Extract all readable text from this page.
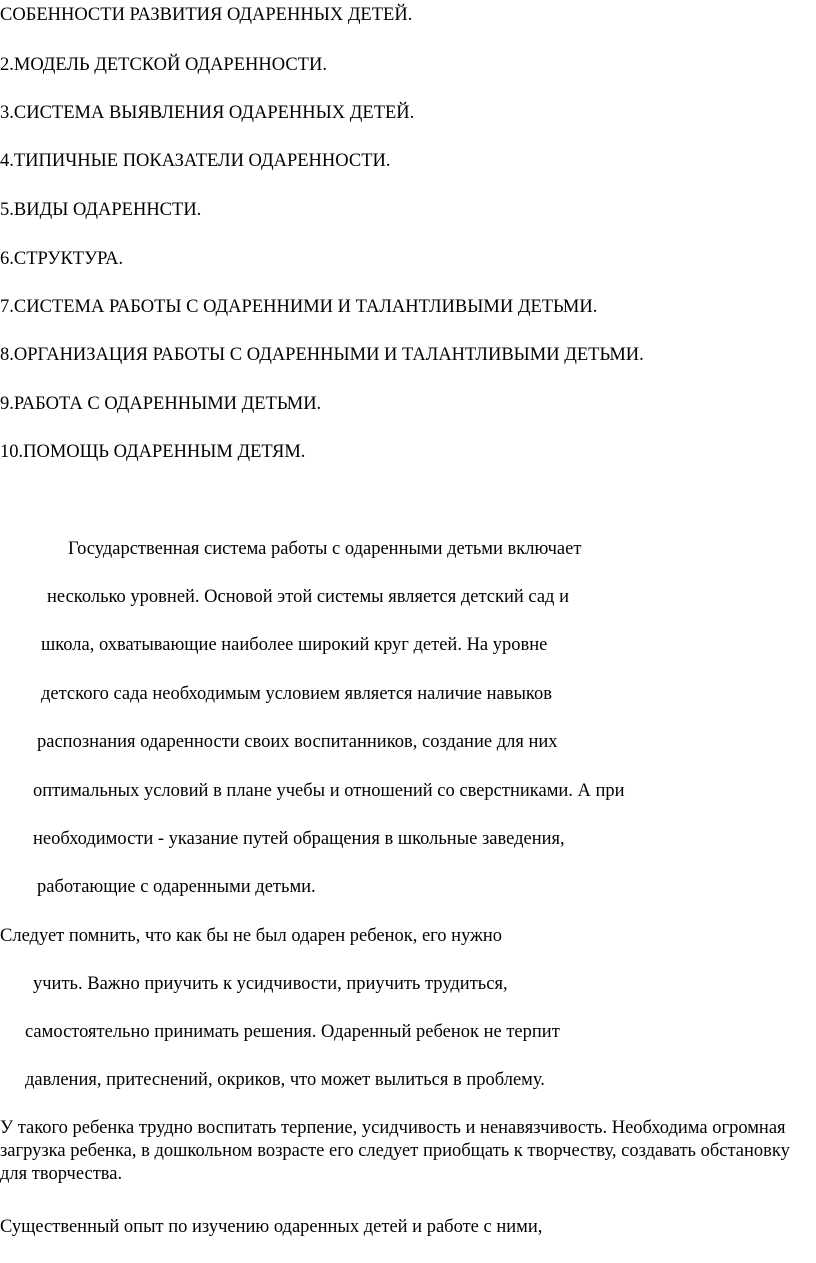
СОБЕННОСТИ РАЗВИТИЯ ОДАРЕННЫХ ДЕТЕЙ.
2.МОДЕЛЬ ДЕТСКОЙ ОДАРЕННОСТИ.
3.СИСТЕМА ВЫЯВЛЕНИЯ ОДАРЕННЫХ ДЕТЕЙ.
4.ТИПИЧНЫЕ ПОКАЗАТЕЛИ ОДАРЕННОСТИ.
5.ВИДЫ ОДАРЕННСТИ.
6.СТРУКТУРА.
7.СИСТЕМА РАБОТЫ С ОДАРЕННИМИ И ТАЛАНТЛИВЫМИ ДЕТЬМИ.
8.ОРГАНИЗАЦИЯ РАБОТЫ С ОДАРЕННЫМИ И ТАЛАНТЛИВЫМИ ДЕТЬМИ.
9.РАБОТА С ОДАРЕННЫМИ ДЕТЬМИ.
10.ПОМОЩЬ ОДАРЕННЫМ ДЕТЯМ.
Государственная система работы с одаренными детьми включает
несколько уровней. Основой этой системы является детский сад и
школа, охватывающие наиболее широкий круг детей. На уровне
детского сада необходимым условием является наличие навыков
распознания одаренности своих воспитанников, создание для них
оптимальных условий в плане учебы и отношений со сверстниками. А при
необходимости - указание путей обращения в школьные заведения,
работающие с одаренными детьми.
Следует помнить, что как бы не был одарен ребенок, его нужно
учить. Важно приучить к усидчивости, приучить трудиться,
самостоятельно принимать решения. Одаренный ребенок не терпит
давления, притеснений, окриков, что может вылиться в проблему.
У такого ребенка трудно воспитать терпение, усидчивость и ненавязчивость. Необходима огромная загрузка ребенка, в дошкольном возрасте его следует приобщать к творчеству, создавать обстановку для творчества.
Существенный опыт по изучению одаренных детей и работе с ними,
